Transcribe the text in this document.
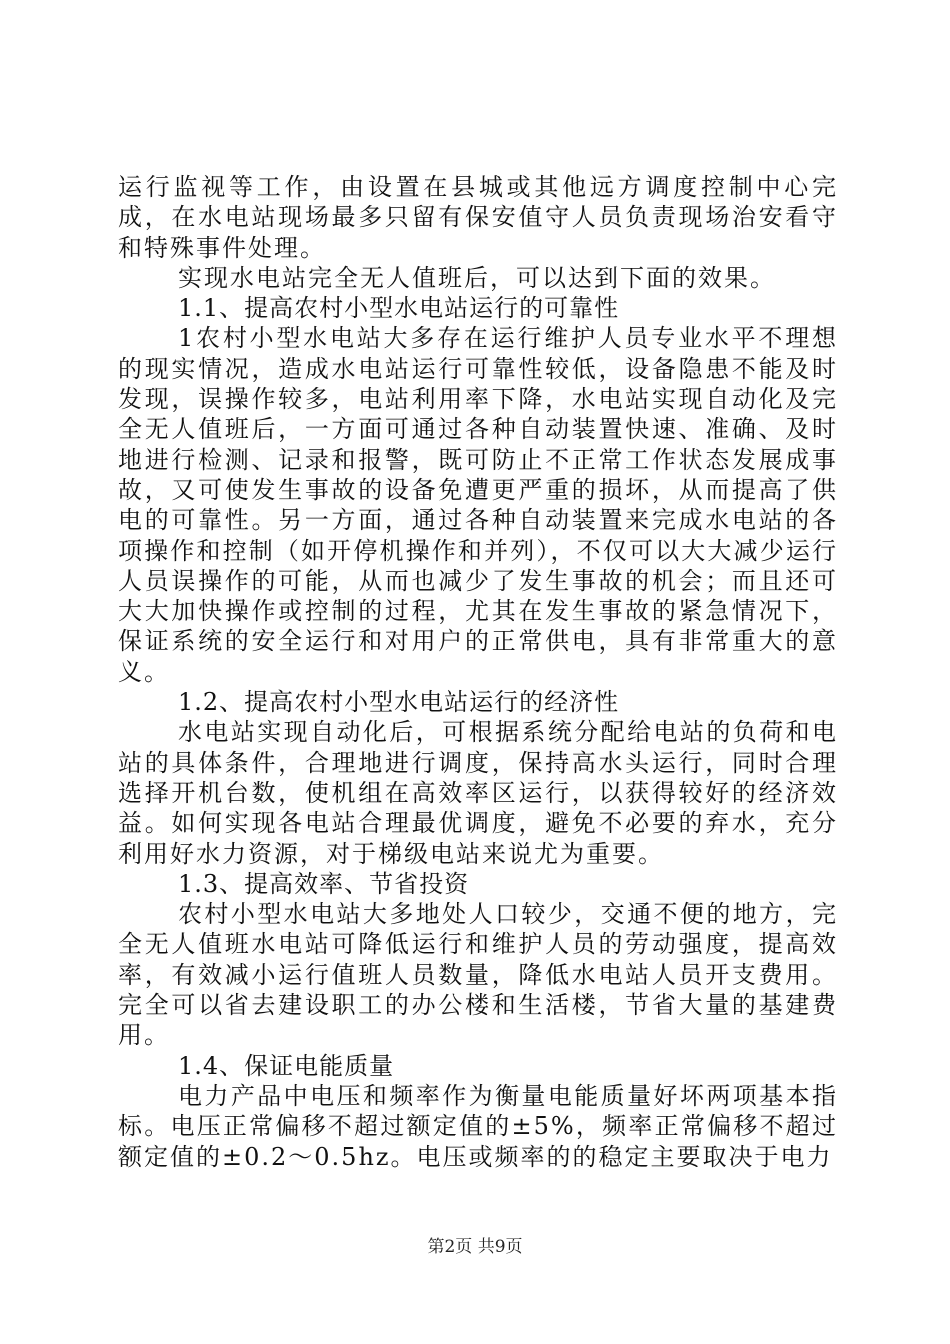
运行监视等工作，由设置在县城或其他远方调度控制中心完成，在水电站现场最多只留有保安值守人员负责现场治安看守和特殊事件处理。

实现水电站完全无人值班后，可以达到下面的效果。

1.1、提高农村小型水电站运行的可靠性

1农村小型水电站大多存在运行维护人员专业水平不理想的现实情况，造成水电站运行可靠性较低，设备隐患不能及时发现，误操作较多，电站利用率下降，水电站实现自动化及完全无人值班后，一方面可通过各种自动装置快速、准确、及时地进行检测、记录和报警，既可防止不正常工作状态发展成事故，又可使发生事故的设备免遭更严重的损坏，从而提高了供电的可靠性。另一方面，通过各种自动装置来完成水电站的各项操作和控制（如开停机操作和并列），不仅可以大大减少运行人员误操作的可能，从而也减少了发生事故的机会；而且还可大大加快操作或控制的过程，尤其在发生事故的紧急情况下，保证系统的安全运行和对用户的正常供电，具有非常重大的意义。

1.2、提高农村小型水电站运行的经济性

水电站实现自动化后，可根据系统分配给电站的负荷和电站的具体条件，合理地进行调度，保持高水头运行，同时合理选择开机台数，使机组在高效率区运行，以获得较好的经济效益。如何实现各电站合理最优调度，避免不必要的弃水，充分利用好水力资源，对于梯级电站来说尤为重要。

1.3、提高效率、节省投资

农村小型水电站大多地处人口较少，交通不便的地方，完全无人值班水电站可降低运行和维护人员的劳动强度，提高效率，有效减小运行值班人员数量，降低水电站人员开支费用。完全可以省去建设职工的办公楼和生活楼，节省大量的基建费用。

1.4、保证电能质量

电力产品中电压和频率作为衡量电能质量好坏两项基本指标。电压正常偏移不超过额定值的±5%，频率正常偏移不超过额定值的±0.2～0.5hz。电压或频率的的稳定主要取决于电力

第2页 共9页
